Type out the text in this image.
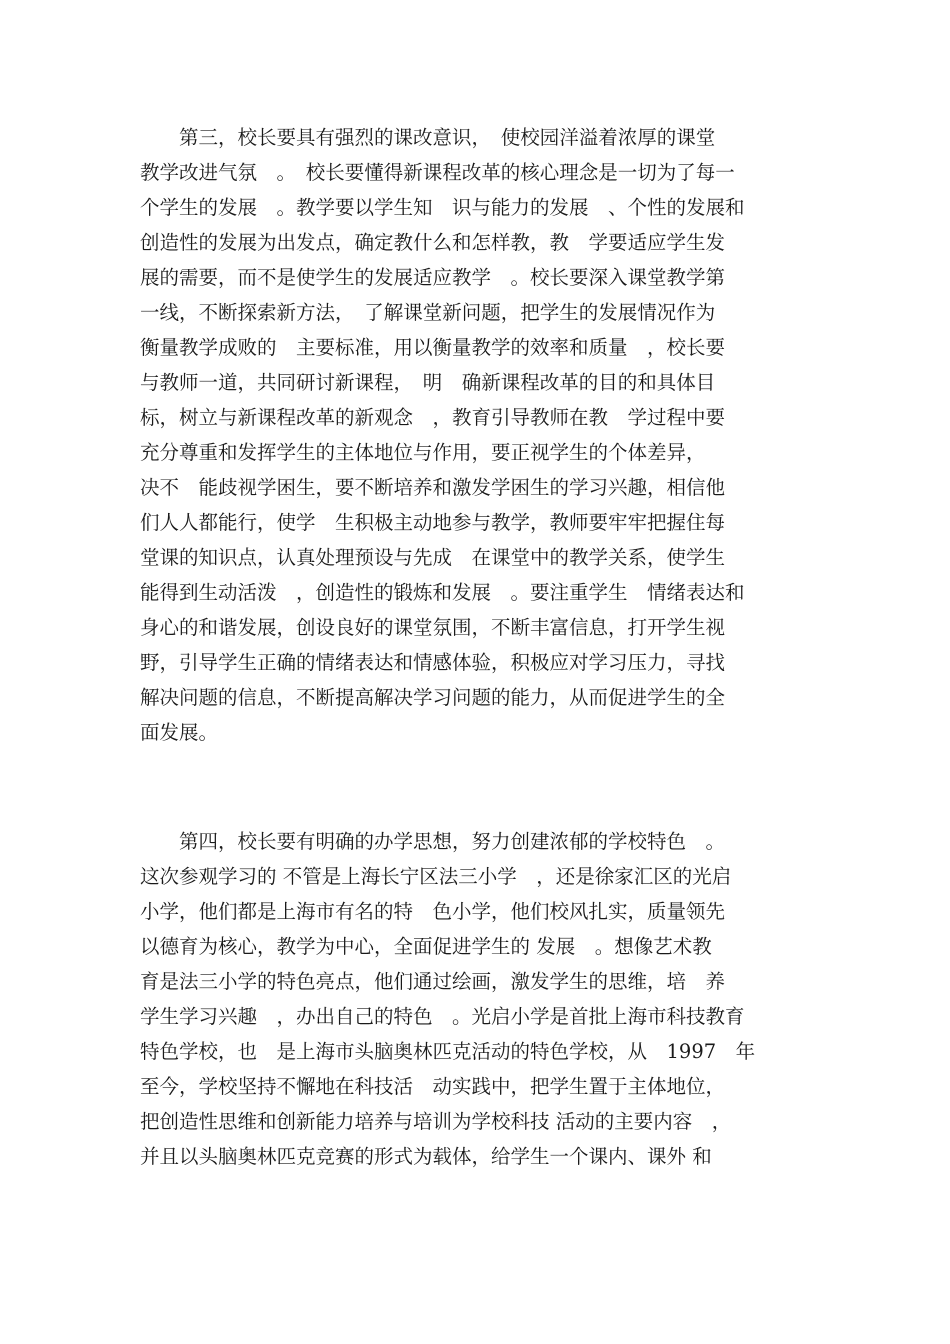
　　第三，校长要具有强烈的课改意识，　使校园洋溢着浓厚的课堂
教学改进气氛　。　校长要懂得新课程改革的核心理念是一切为了每一
个学生的发展　。教学要以学生知　识与能力的发展　、个性的发展和
创造性的发展为出发点，确定教什么和怎样教，教　学要适应学生发
展的需要，而不是使学生的发展适应教学　。校长要深入课堂教学第
一线，不断探索新方法，　了解课堂新问题，把学生的发展情况作为
衡量教学成败的　主要标准，用以衡量教学的效率和质量　，校长要
与教师一道，共同研讨新课程，　明　确新课程改革的目的和具体目
标，树立与新课程改革的新观念　，教育引导教师在教　学过程中要
充分尊重和发挥学生的主体地位与作用，要正视学生的个体差异，
决不　能歧视学困生，要不断培养和激发学困生的学习兴趣，相信他
们人人都能行，使学　生积极主动地参与教学，教师要牢牢把握住每
堂课的知识点，认真处理预设与先成　在课堂中的教学关系，使学生
能得到生动活泼　，创造性的锻炼和发展　。要注重学生　情绪表达和
身心的和谐发展，创设良好的课堂氛围，不断丰富信息，打开学生视
野，引导学生正确的情绪表达和情感体验，积极应对学习压力，寻找
解决问题的信息，不断提高解决学习问题的能力，从而促进学生的全
面发展。
　　第四，校长要有明确的办学思想，努力创建浓郁的学校特色　。
这次参观学习的 不管是上海长宁区法三小学　，还是徐家汇区的光启
小学，他们都是上海市有名的特　色小学，他们校风扎实，质量领先
以德育为核心，教学为中心，全面促进学生的 发展　。想像艺术教
育是法三小学的特色亮点，他们通过绘画，激发学生的思维，培　养
学生学习兴趣　，办出自己的特色　。光启小学是首批上海市科技教育
特色学校，也　是上海市头脑奥林匹克活动的特色学校，从　1997　年
至今，学校坚持不懈地在科技活　动实践中，把学生置于主体地位，
把创造性思维和创新能力培养与培训为学校科技 活动的主要内容　，
并且以头脑奥林匹克竞赛的形式为载体，给学生一个课内、课外 和
